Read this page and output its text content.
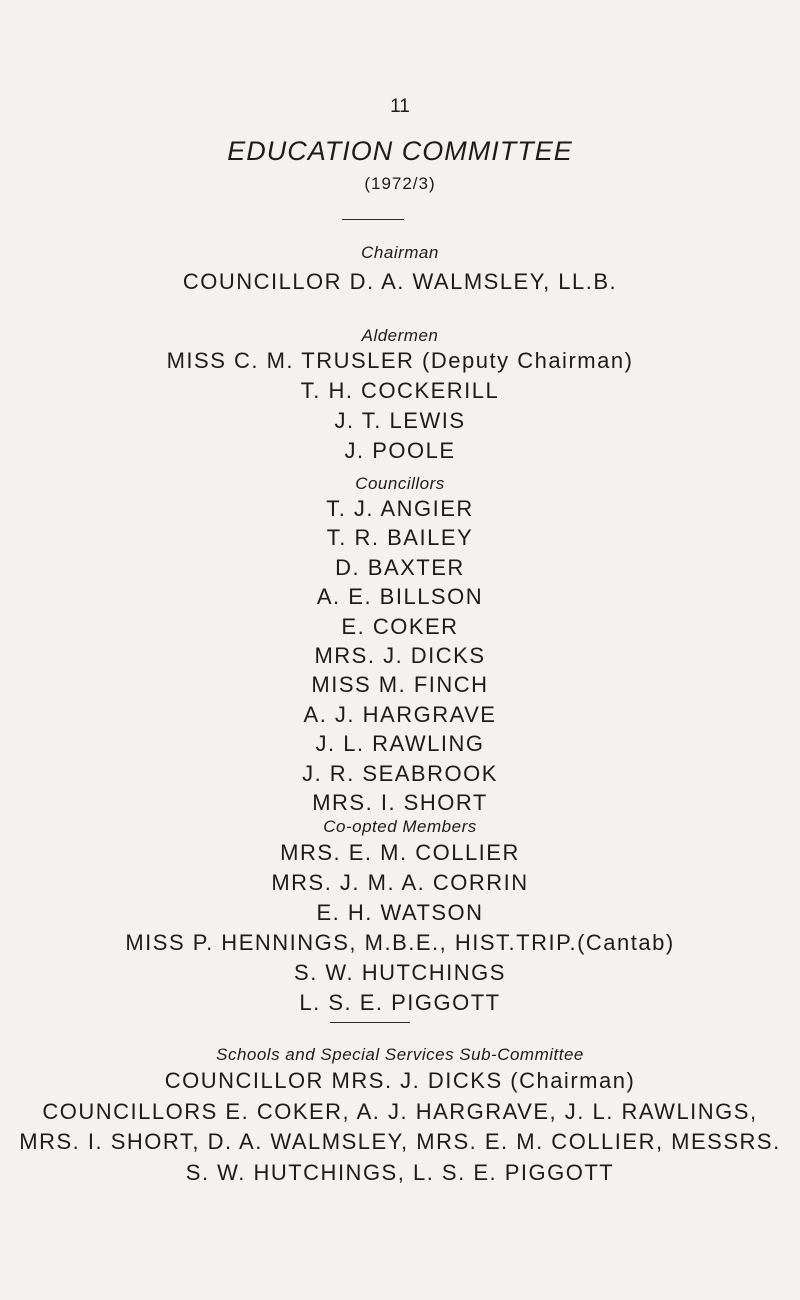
11
EDUCATION COMMITTEE
(1972/3)
Chairman
COUNCILLOR D. A. WALMSLEY, LL.B.
Aldermen
MISS C. M. TRUSLER (Deputy Chairman)
T. H. COCKERILL
J. T. LEWIS
J. POOLE
Councillors
T. J. ANGIER
T. R. BAILEY
D. BAXTER
A. E. BILLSON
E. COKER
MRS. J. DICKS
MISS M. FINCH
A. J. HARGRAVE
J. L. RAWLING
J. R. SEABROOK
MRS. I. SHORT
Co-opted Members
MRS. E. M. COLLIER
MRS. J. M. A. CORRIN
E. H. WATSON
MISS P. HENNINGS, M.B.E., HIST.TRIP.(Cantab)
S. W. HUTCHINGS
L. S. E. PIGGOTT
Schools and Special Services Sub-Committee
COUNCILLOR MRS. J. DICKS (Chairman)
COUNCILLORS E. COKER, A. J. HARGRAVE, J. L. RAWLINGS,
MRS. I. SHORT, D. A. WALMSLEY, MRS. E. M. COLLIER, MESSRS.
S. W. HUTCHINGS, L. S. E. PIGGOTT
